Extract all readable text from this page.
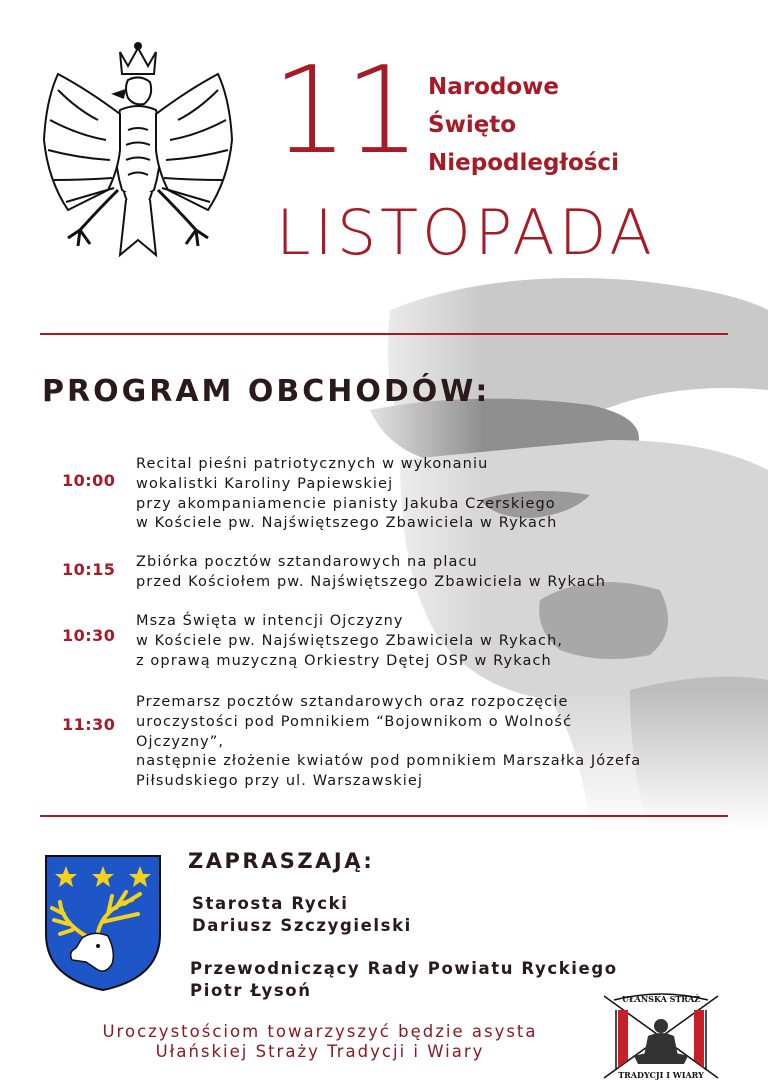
11 Narodowe
Święto
Niepodległości
LISTOPADA
PROGRAM OBCHODÓW:
10:00
Recital pieśni patriotycznych w wykonaniu
wokalistki Karoliny Papiewskiej
przy akompaniamencie pianisty Jakuba Czerskiego
w Kościele pw. Najświętszego Zbawiciela w Rykach
10:15 Zbiórka pocztów sztandarowych na placu
przed Kościołem pw. Najświętszego Zbawiciela w Rykach
10:30
Msza Święta w intencji Ojczyzny
w Kościele pw. Najświętszego Zbawiciela w Rykach,
z oprawą muzyczną Orkiestry Dętej OSP w Rykach
11:30
Przemarsz pocztów sztandarowych oraz rozpoczęcie
uroczystości pod Pomnikiem “Bojownikom o Wolność
Ojczyzny”,
następnie złożenie kwiatów pod pomnikiem Marszałka Józefa
Piłsudskiego przy ul. Warszawskiej
ZAPRASZAJĄ:
Starosta Rycki
Dariusz Szczygielski
Przewodniczący Rady Powiatu Ryckiego
Piotr Łysoń
Uroczystościom towarzyszyć będzie asysta
Ułańskiej Straży Tradycji i Wiary
UŁAŃSKA STRAŻ
TRADYCJI I WIARY
